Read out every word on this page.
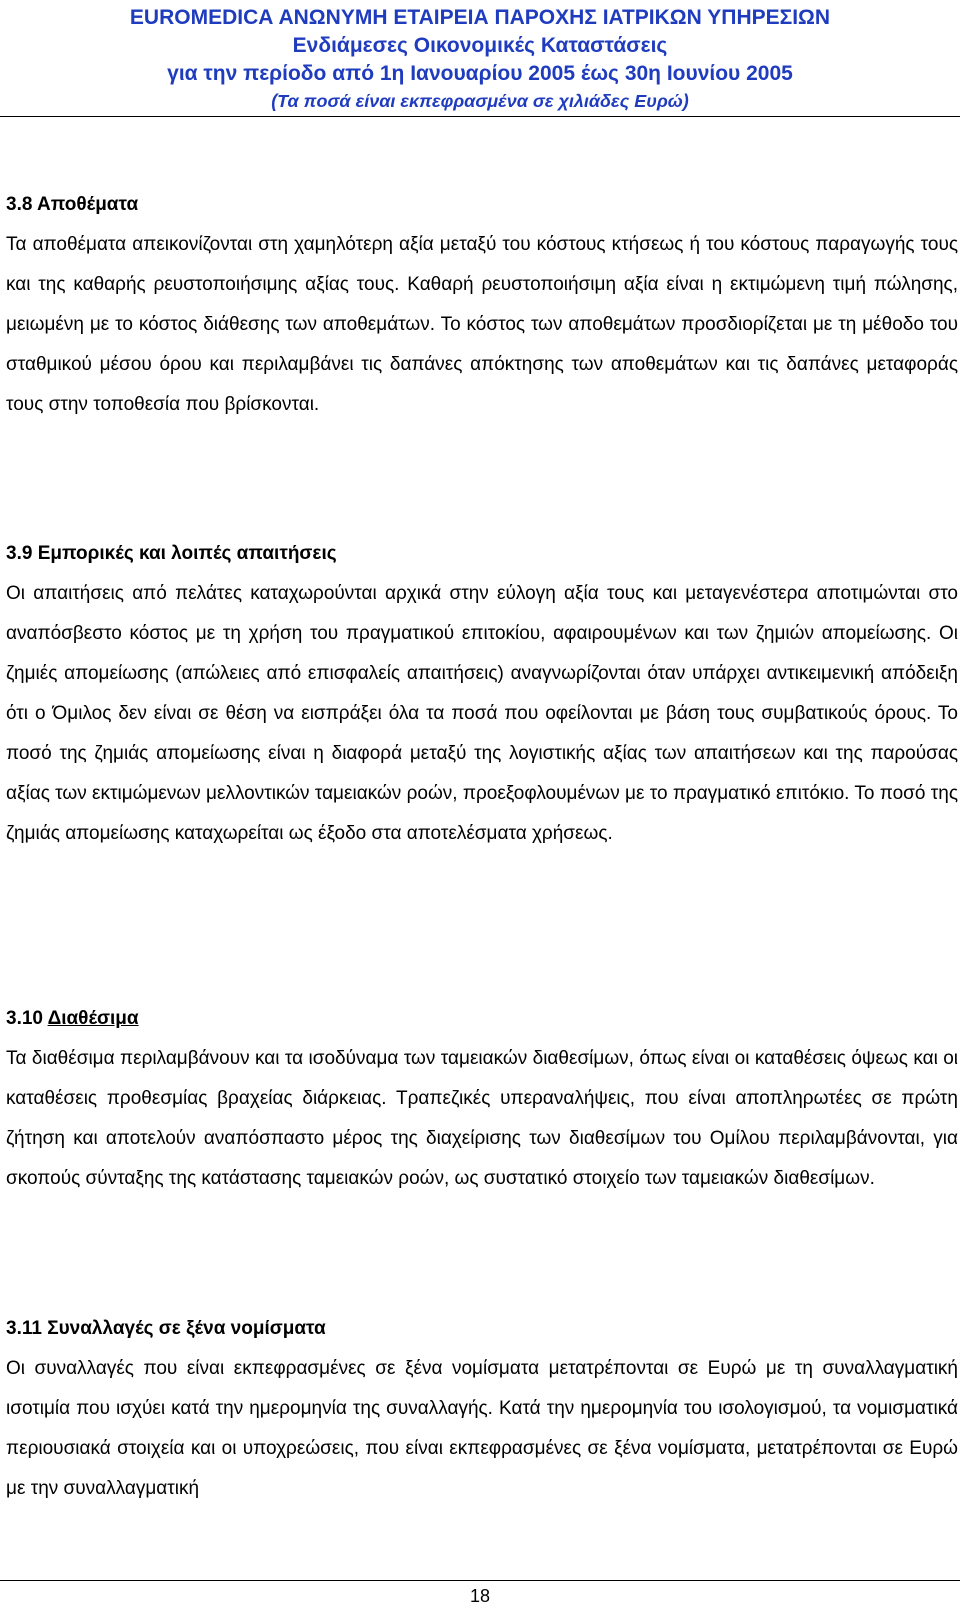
EUROMEDICA ΑΝΩΝΥΜΗ ΕΤΑΙΡΕΙΑ ΠΑΡΟΧΗΣ ΙΑΤΡΙΚΩΝ ΥΠΗΡΕΣΙΩΝ
Ενδιάμεσες Οικονομικές Καταστάσεις
για την περίοδο από 1η Ιανουαρίου 2005 έως 30η Ιουνίου 2005
(Τα ποσά είναι εκπεφρασμένα σε χιλιάδες Ευρώ)
3.8 Αποθέματα
Τα αποθέματα απεικονίζονται στη χαμηλότερη αξία μεταξύ του κόστους κτήσεως ή του κόστους παραγωγής τους και της καθαρής ρευστοποιήσιμης αξίας τους. Καθαρή ρευστοποιήσιμη αξία είναι η εκτιμώμενη τιμή πώλησης, μειωμένη με το κόστος διάθεσης των αποθεμάτων. Το κόστος των αποθεμάτων προσδιορίζεται με τη μέθοδο του σταθμικού μέσου όρου και περιλαμβάνει τις δαπάνες απόκτησης των αποθεμάτων και τις δαπάνες μεταφοράς τους στην τοποθεσία που βρίσκονται.
3.9 Εμπορικές και λοιπές απαιτήσεις
Οι απαιτήσεις από πελάτες καταχωρούνται αρχικά στην εύλογη αξία τους και μεταγενέστερα αποτιμώνται στο αναπόσβεστο κόστος με τη χρήση του πραγματικού επιτοκίου, αφαιρουμένων και των ζημιών απομείωσης. Οι ζημιές απομείωσης (απώλειες από επισφαλείς απαιτήσεις) αναγνωρίζονται όταν υπάρχει αντικειμενική απόδειξη ότι ο Όμιλος δεν είναι σε θέση να εισπράξει όλα τα ποσά που οφείλονται με βάση τους συμβατικούς όρους. Το ποσό της ζημιάς απομείωσης είναι η διαφορά μεταξύ της λογιστικής αξίας των απαιτήσεων και της παρούσας αξίας των εκτιμώμενων μελλοντικών ταμειακών ροών, προεξοφλουμένων με το πραγματικό επιτόκιο. Το ποσό της ζημιάς απομείωσης καταχωρείται ως έξοδο στα αποτελέσματα χρήσεως.
3.10 Διαθέσιμα
Τα διαθέσιμα περιλαμβάνουν και τα ισοδύναμα των ταμειακών διαθεσίμων, όπως είναι οι καταθέσεις όψεως και οι καταθέσεις προθεσμίας βραχείας διάρκειας. Τραπεζικές υπεραναλήψεις, που είναι αποπληρωτέες σε πρώτη ζήτηση και αποτελούν αναπόσπαστο μέρος της διαχείρισης των διαθεσίμων του Ομίλου περιλαμβάνονται, για σκοπούς σύνταξης της κατάστασης ταμειακών ροών, ως συστατικό στοιχείο των ταμειακών διαθεσίμων.
3.11 Συναλλαγές σε ξένα νομίσματα
Οι συναλλαγές που είναι εκπεφρασμένες σε ξένα νομίσματα μετατρέπονται σε Ευρώ με τη συναλλαγματική ισοτιμία που ισχύει κατά την ημερομηνία της συναλλαγής. Κατά την ημερομηνία του ισολογισμού, τα νομισματικά περιουσιακά στοιχεία και οι υποχρεώσεις, που είναι εκπεφρασμένες σε ξένα νομίσματα, μετατρέπονται σε Ευρώ με την συναλλαγματική
18
